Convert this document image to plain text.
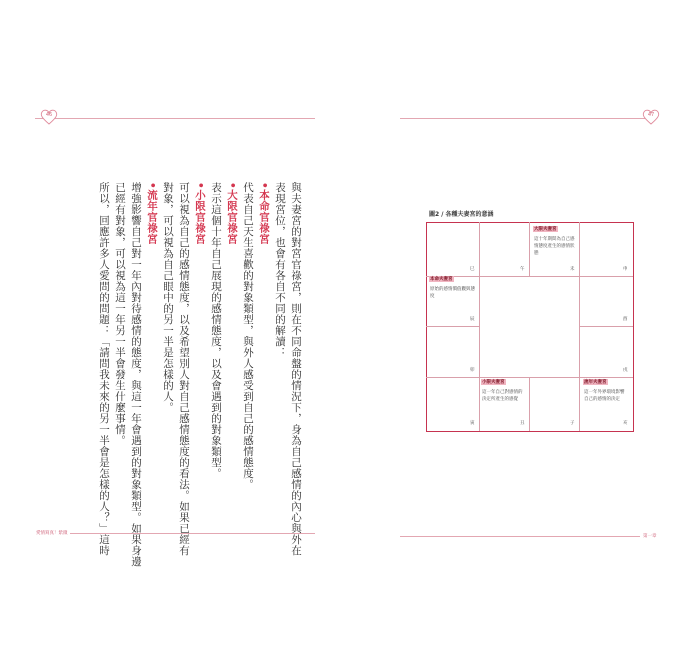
46
愛情寫真！紫微	與夫妻宮的對宮官祿宮，則在不同命盤的情況下，身為自己感情的內心與外在
表現宮位，也會有各自不同的解讀：
•本命官祿宮
代表自己天生喜歡的對象類型，與外人感受到自己的感情態度。
•大限官祿宮
表示這個十年自己展現的感情態度，以及會遇到的對象類型。
•小限官祿宮
可以視為自己的感情態度，以及希望別人對自己感情態度的看法。如果已經有
對象，可以視為自己眼中的另一半是怎樣的人。
•流年官祿宮
增強影響自己對一年內對待感情的態度，與這一年會遇到的對象類型。如果身邊
已經有對象，可以視為這一年另一半會發生什麼事情。
所以，回應許多人愛問的問題：「請問我未來的另一半會是怎樣的人？」這時
47
第一章
圖2 / 各種夫妻宮的意涵
巳	午	未	申
辰	酉
卯	戌
寅	丑	子	亥
大限夫妻宮
這十年期間為自己感情態度產生的感情狀態
本命夫妻宮
原始的感情價值觀與態度
小限夫妻宮
這一年自己對感情的決定所產生的感覺
流年夫妻宮
這一年外界環境影響自己的感情的決定
